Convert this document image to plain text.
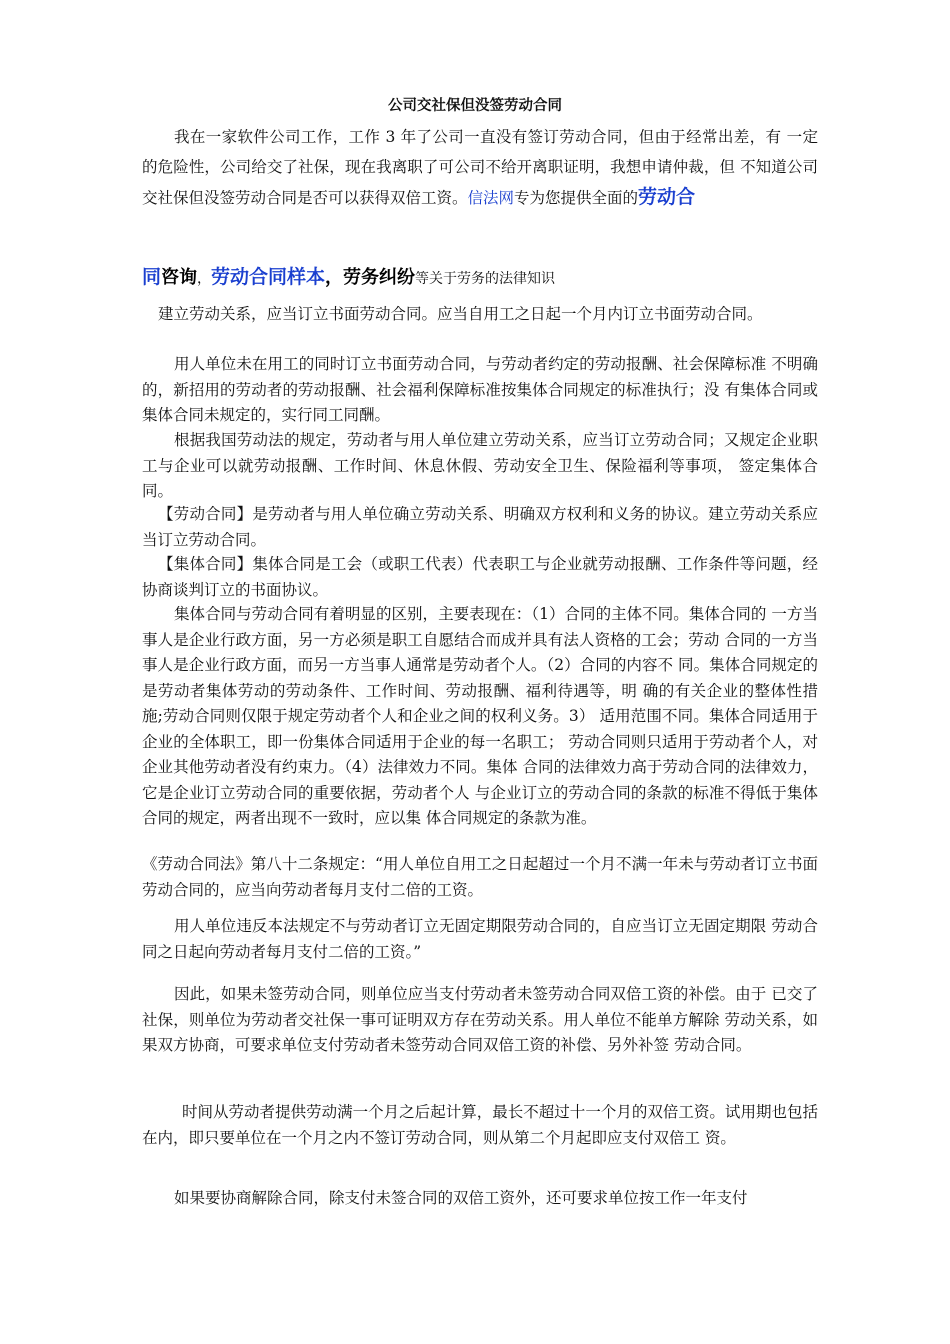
公司交社保但没签劳动合同
我在一家软件公司工作，工作 3 年了公司一直没有签订劳动合同，但由于经常出差，有 一定的危险性，公司给交了社保，现在我离职了可公司不给开离职证明，我想申请仲裁，但 不知道公司交社保但没签劳动合同是否可以获得双倍工资。信法网专为您提供全面的劳动合
同咨询，劳动合同样本，劳务纠纷等关于劳务的法律知识
建立劳动关系，应当订立书面劳动合同。应当自用工之日起一个月内订立书面劳动合同。
用人单位未在用工的同时订立书面劳动合同，与劳动者约定的劳动报酬、社会保障标准 不明确的，新招用的劳动者的劳动报酬、社会福利保障标准按集体合同规定的标准执行；没 有集体合同或集体合同未规定的，实行同工同酬。
根据我国劳动法的规定，劳动者与用人单位建立劳动关系，应当订立劳动合同；又规定企业职工与企业可以就劳动报酬、工作时间、休息休假、劳动安全卫生、保险福利等事项， 签定集体合同。
【劳动合同】是劳动者与用人单位确立劳动关系、明确双方权利和义务的协议。建立劳动关系应当订立劳动合同。
【集体合同】集体合同是工会（或职工代表）代表职工与企业就劳动报酬、工作条件等问题，经协商谈判订立的书面协议。
集体合同与劳动合同有着明显的区别，主要表现在：（1）合同的主体不同。集体合同的 一方当事人是企业行政方面，另一方必须是职工自愿结合而成并具有法人资格的工会；劳动 合同的一方当事人是企业行政方面，而另一方当事人通常是劳动者个人。（2）合同的内容不 同。集体合同规定的是劳动者集体劳动的劳动条件、工作时间、劳动报酬、福利待遇等，明 确的有关企业的整体性措施;劳动合同则仅限于规定劳动者个人和企业之间的权利义务。3） 适用范围不同。集体合同适用于企业的全体职工，即一份集体合同适用于企业的每一名职工； 劳动合同则只适用于劳动者个人，对企业其他劳动者没有约束力。（4）法律效力不同。集体 合同的法律效力高于劳动合同的法律效力，它是企业订立劳动合同的重要依据，劳动者个人 与企业订立的劳动合同的条款的标准不得低于集体合同的规定，两者出现不一致时，应以集 体合同规定的条款为准。
《劳动合同法》第八十二条规定：“用人单位自用工之日起超过一个月不满一年未与劳动者订立书面劳动合同的，应当向劳动者每月支付二倍的工资。
用人单位违反本法规定不与劳动者订立无固定期限劳动合同的，自应当订立无固定期限 劳动合同之日起向劳动者每月支付二倍的工资。”
因此，如果未签劳动合同，则单位应当支付劳动者未签劳动合同双倍工资的补偿。由于 已交了社保，则单位为劳动者交社保一事可证明双方存在劳动关系。用人单位不能单方解除 劳动关系，如果双方协商，可要求单位支付劳动者未签劳动合同双倍工资的补偿、另外补签 劳动合同。
时间从劳动者提供劳动满一个月之后起计算，最长不超过十一个月的双倍工资。试用期也包括在内，即只要单位在一个月之内不签订劳动合同，则从第二个月起即应支付双倍工 资。
如果要协商解除合同，除支付未签合同的双倍工资外，还可要求单位按工作一年支付
